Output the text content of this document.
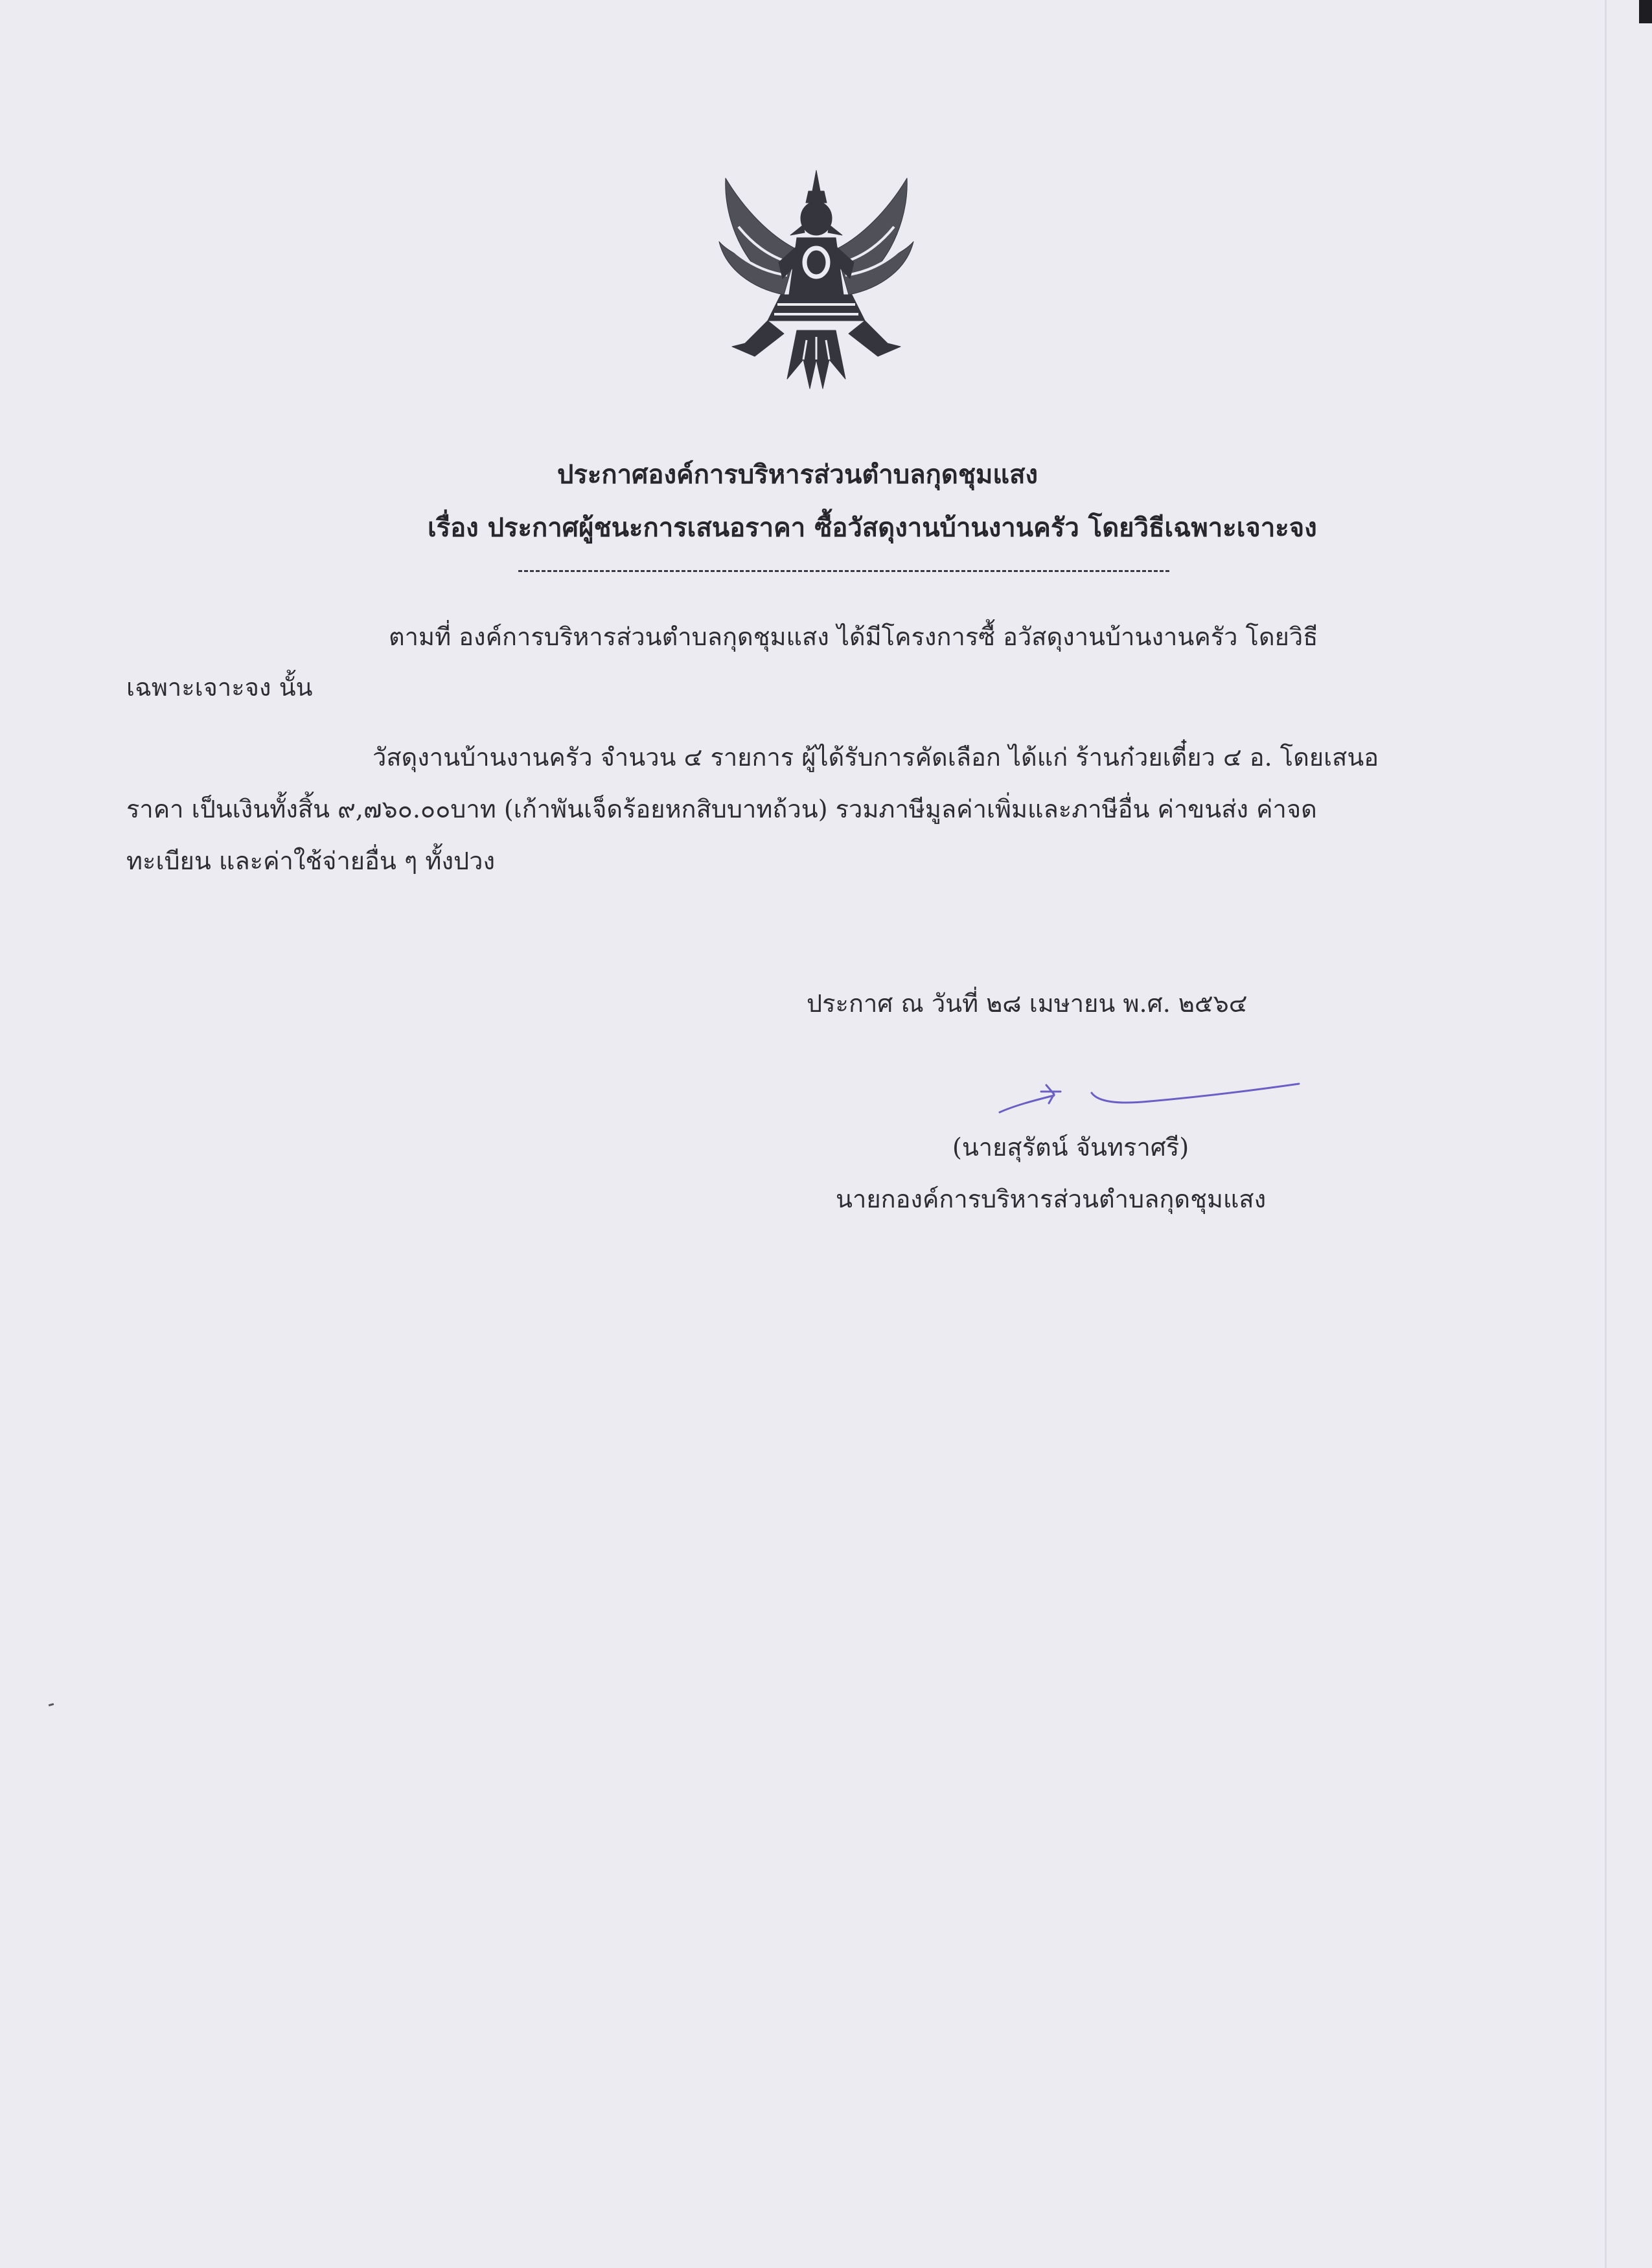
ประกาศองค์การบริหารส่วนตำบลกุดชุมแสง
เรื่อง ประกาศผู้ชนะการเสนอราคา ซื้อวัสดุงานบ้านงานครัว โดยวิธีเฉพาะเจาะจง
ตามที่ องค์การบริหารส่วนตำบลกุดชุมแสง ได้มีโครงการซื้ อวัสดุงานบ้านงานครัว โดยวิธี
เฉพาะเจาะจง นั้น
วัสดุงานบ้านงานครัว จำนวน ๔ รายการ ผู้ได้รับการคัดเลือก ได้แก่ ร้านก๋วยเตี๋ยว ๔ อ. โดยเสนอ
ราคา เป็นเงินทั้งสิ้น ๙,๗๖๐.๐๐บาท (เก้าพันเจ็ดร้อยหกสิบบาทถ้วน) รวมภาษีมูลค่าเพิ่มและภาษีอื่น ค่าขนส่ง ค่าจด
ทะเบียน และค่าใช้จ่ายอื่น ๆ ทั้งปวง
ประกาศ ณ วันที่ ๒๘ เมษายน พ.ศ. ๒๕๖๔
(นายสุรัตน์ จันทราศรี)
นายกองค์การบริหารส่วนตำบลกุดชุมแสง
